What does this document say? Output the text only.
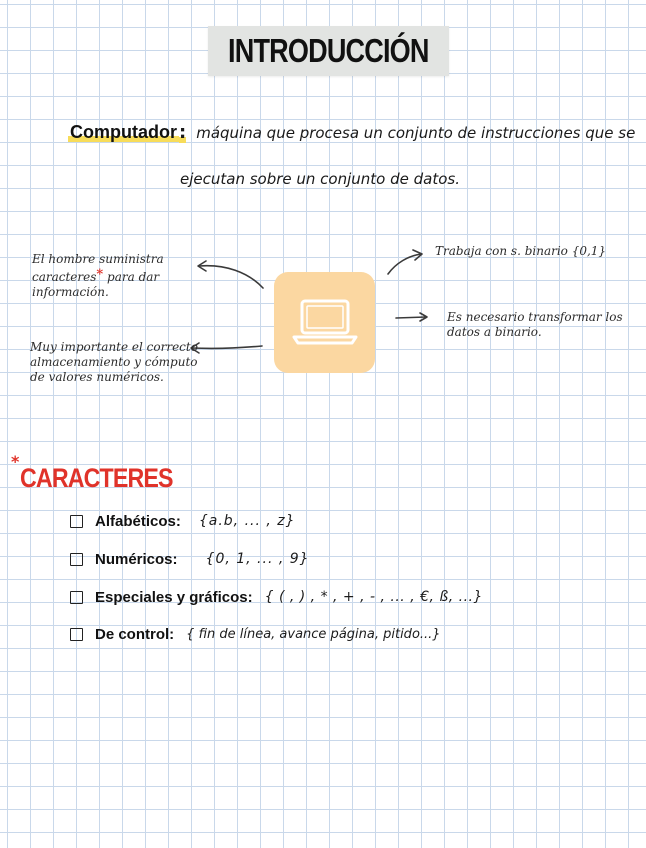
INTRODUCCIÓN
Computador : máquina que procesa un conjunto de instrucciones que se
ejecutan sobre un conjunto de datos.
El hombre suministra
caracteres* para dar
información.
Muy importante el correcto
almacenamiento y cómputo
de valores numéricos.
Trabaja con s. binario {0,1}
Es necesario transformar los
datos a binario.
*
CARACTERES
Alfabéticos: {a.b, ... , z}
Numéricos: {0, 1, ... , 9}
Especiales y gráficos: { ( , ) , * , + , - , ... , €, ß, ...}
De control: { fin de línea, avance página, pitido...}
